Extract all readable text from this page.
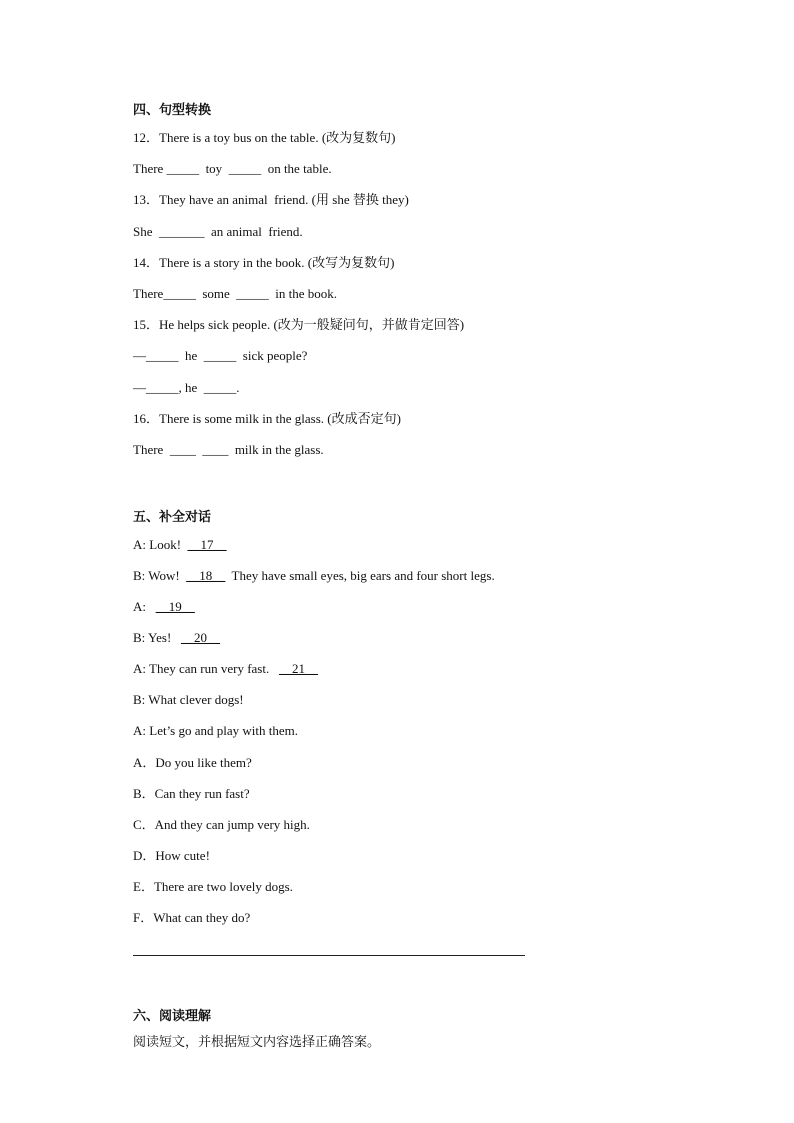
四、句型转换
12．There is a toy bus on the table. (改为复数句)
There _____  toy  _____  on the table.
13．They have an animal  friend. (用 she 替换 they)
She  _______  an animal  friend.
14．There is a story in the book. (改写为复数句)
There_____  some  _____  in the book.
15．He helps sick people. (改为一般疑问句，并做肯定回答)
—_____  he  _____  sick people?
—_____, he  _____.
16．There is some milk in the glass. (改成否定句)
There  ____ ____  milk in the glass.
五、补全对话
A: Look!  __17__
B: Wow!  __18__  They have small eyes, big ears and four short legs.
A:   __19__
B: Yes!   __20__
A: They can run very fast.   __21__
B: What clever dogs!
A: Let’s go and play with them.
A．Do you like them?
B．Can they run fast?
C．And they can jump very high.
D．How cute!
E．There are two lovely dogs.
F．What can they do?
六、阅读理解
阅读短文，并根据短文内容选择正确答案。
